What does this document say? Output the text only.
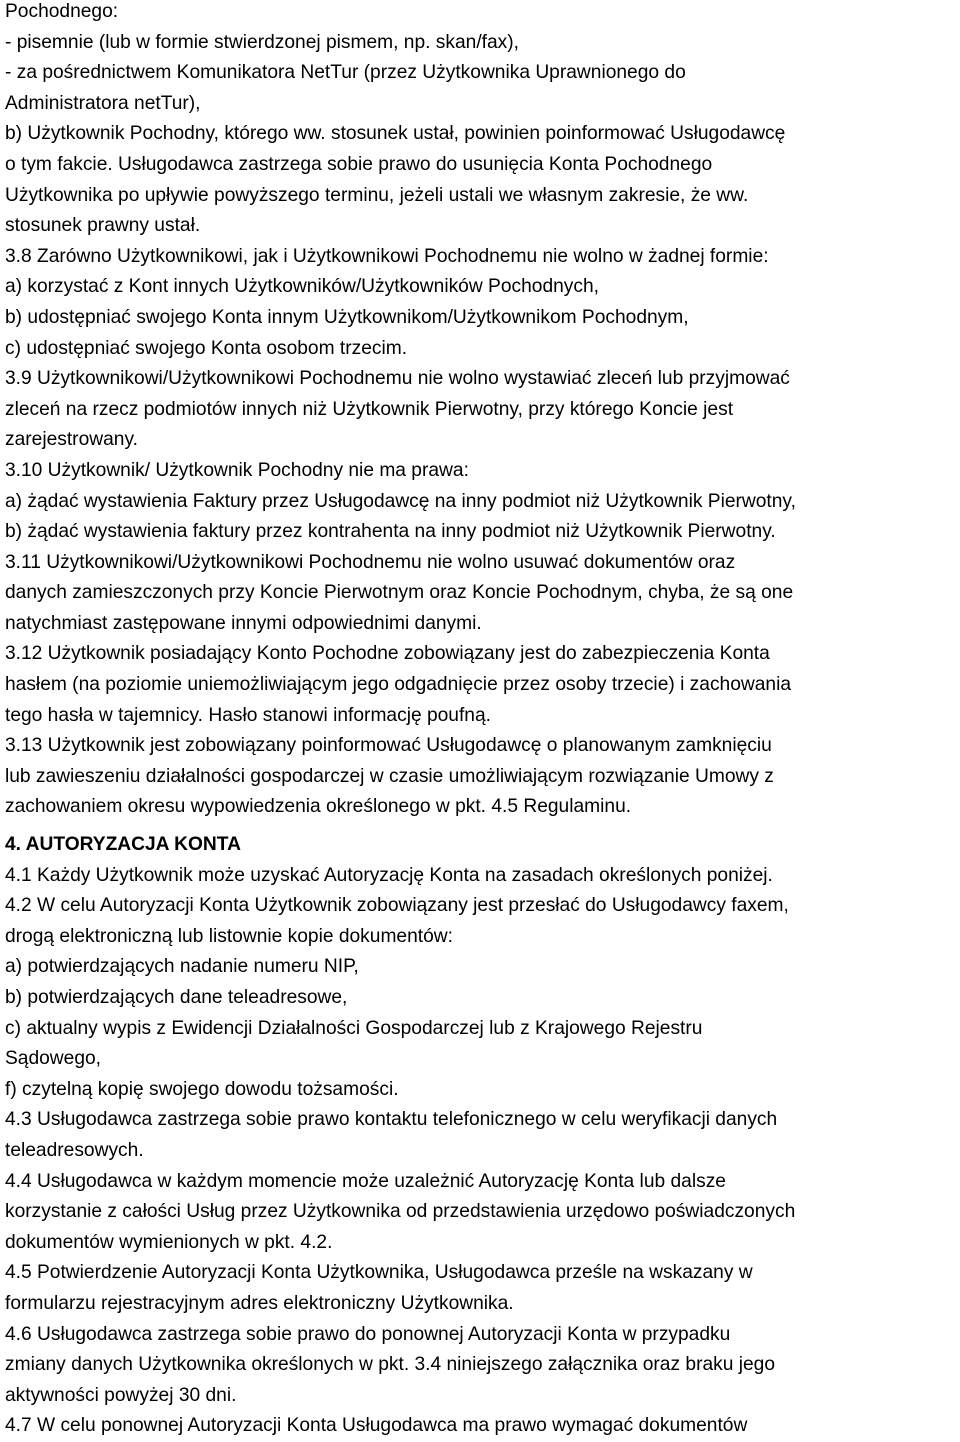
Pochodnego:
- pisemnie (lub w formie stwierdzonej pismem, np. skan/fax),
- za pośrednictwem Komunikatora NetTur (przez Użytkownika Uprawnionego do
Administratora netTur),
b) Użytkownik Pochodny, którego ww. stosunek ustał, powinien poinformować Usługodawcę
o tym fakcie. Usługodawca zastrzega sobie prawo do usunięcia Konta Pochodnego
Użytkownika po upływie powyższego terminu, jeżeli ustali we własnym zakresie, że ww.
stosunek prawny ustał.
3.8 Zarówno Użytkownikowi, jak i Użytkownikowi Pochodnemu nie wolno w żadnej formie:
a) korzystać z Kont innych Użytkowników/Użytkowników Pochodnych,
b) udostępniać swojego Konta innym Użytkownikom/Użytkownikom Pochodnym,
c) udostępniać swojego Konta osobom trzecim.
3.9 Użytkownikowi/Użytkownikowi Pochodnemu nie wolno wystawiać zleceń lub przyjmować
zleceń na rzecz podmiotów innych niż Użytkownik Pierwotny, przy którego Koncie jest
zarejestrowany.
3.10 Użytkownik/ Użytkownik Pochodny nie ma prawa:
a) żądać wystawienia Faktury przez Usługodawcę na inny podmiot niż Użytkownik Pierwotny,
b) żądać wystawienia faktury przez kontrahenta na inny podmiot niż Użytkownik Pierwotny.
3.11 Użytkownikowi/Użytkownikowi Pochodnemu nie wolno usuwać dokumentów oraz
danych zamieszczonych przy Koncie Pierwotnym oraz Koncie Pochodnym, chyba, że są one
natychmiast zastępowane innymi odpowiednimi danymi.
3.12 Użytkownik posiadający Konto Pochodne zobowiązany jest do zabezpieczenia Konta
hasłem (na poziomie uniemożliwiającym jego odgadnięcie przez osoby trzecie) i zachowania
tego hasła w tajemnicy. Hasło stanowi informację poufną.
3.13 Użytkownik jest zobowiązany poinformować Usługodawcę o planowanym zamknięciu
lub zawieszeniu działalności gospodarczej w czasie umożliwiającym rozwiązanie Umowy z
zachowaniem okresu wypowiedzenia określonego w pkt. 4.5 Regulaminu.
4. AUTORYZACJA KONTA
4.1 Każdy Użytkownik może uzyskać Autoryzację Konta na zasadach określonych poniżej.
4.2 W celu Autoryzacji Konta Użytkownik zobowiązany jest przesłać do Usługodawcy faxem,
drogą elektroniczną lub listownie kopie dokumentów:
a) potwierdzających nadanie numeru NIP,
b) potwierdzających dane teleadresowe,
c) aktualny wypis z Ewidencji Działalności Gospodarczej lub z Krajowego Rejestru
Sądowego,
f) czytelną kopię swojego dowodu tożsamości.
4.3 Usługodawca zastrzega sobie prawo kontaktu telefonicznego w celu weryfikacji danych
teleadresowych.
4.4 Usługodawca w każdym momencie może uzależnić Autoryzację Konta lub dalsze
korzystanie z całości Usług przez Użytkownika od przedstawienia urzędowo poświadczonych
dokumentów wymienionych w pkt. 4.2.
4.5 Potwierdzenie Autoryzacji Konta Użytkownika, Usługodawca prześle na wskazany w
formularzu rejestracyjnym adres elektroniczny Użytkownika.
4.6 Usługodawca zastrzega sobie prawo do ponownej Autoryzacji Konta w przypadku
zmiany danych Użytkownika określonych w pkt. 3.4 niniejszego załącznika oraz braku jego
aktywności powyżej 30 dni.
4.7 W celu ponownej Autoryzacji Konta Usługodawca ma prawo wymagać dokumentów
